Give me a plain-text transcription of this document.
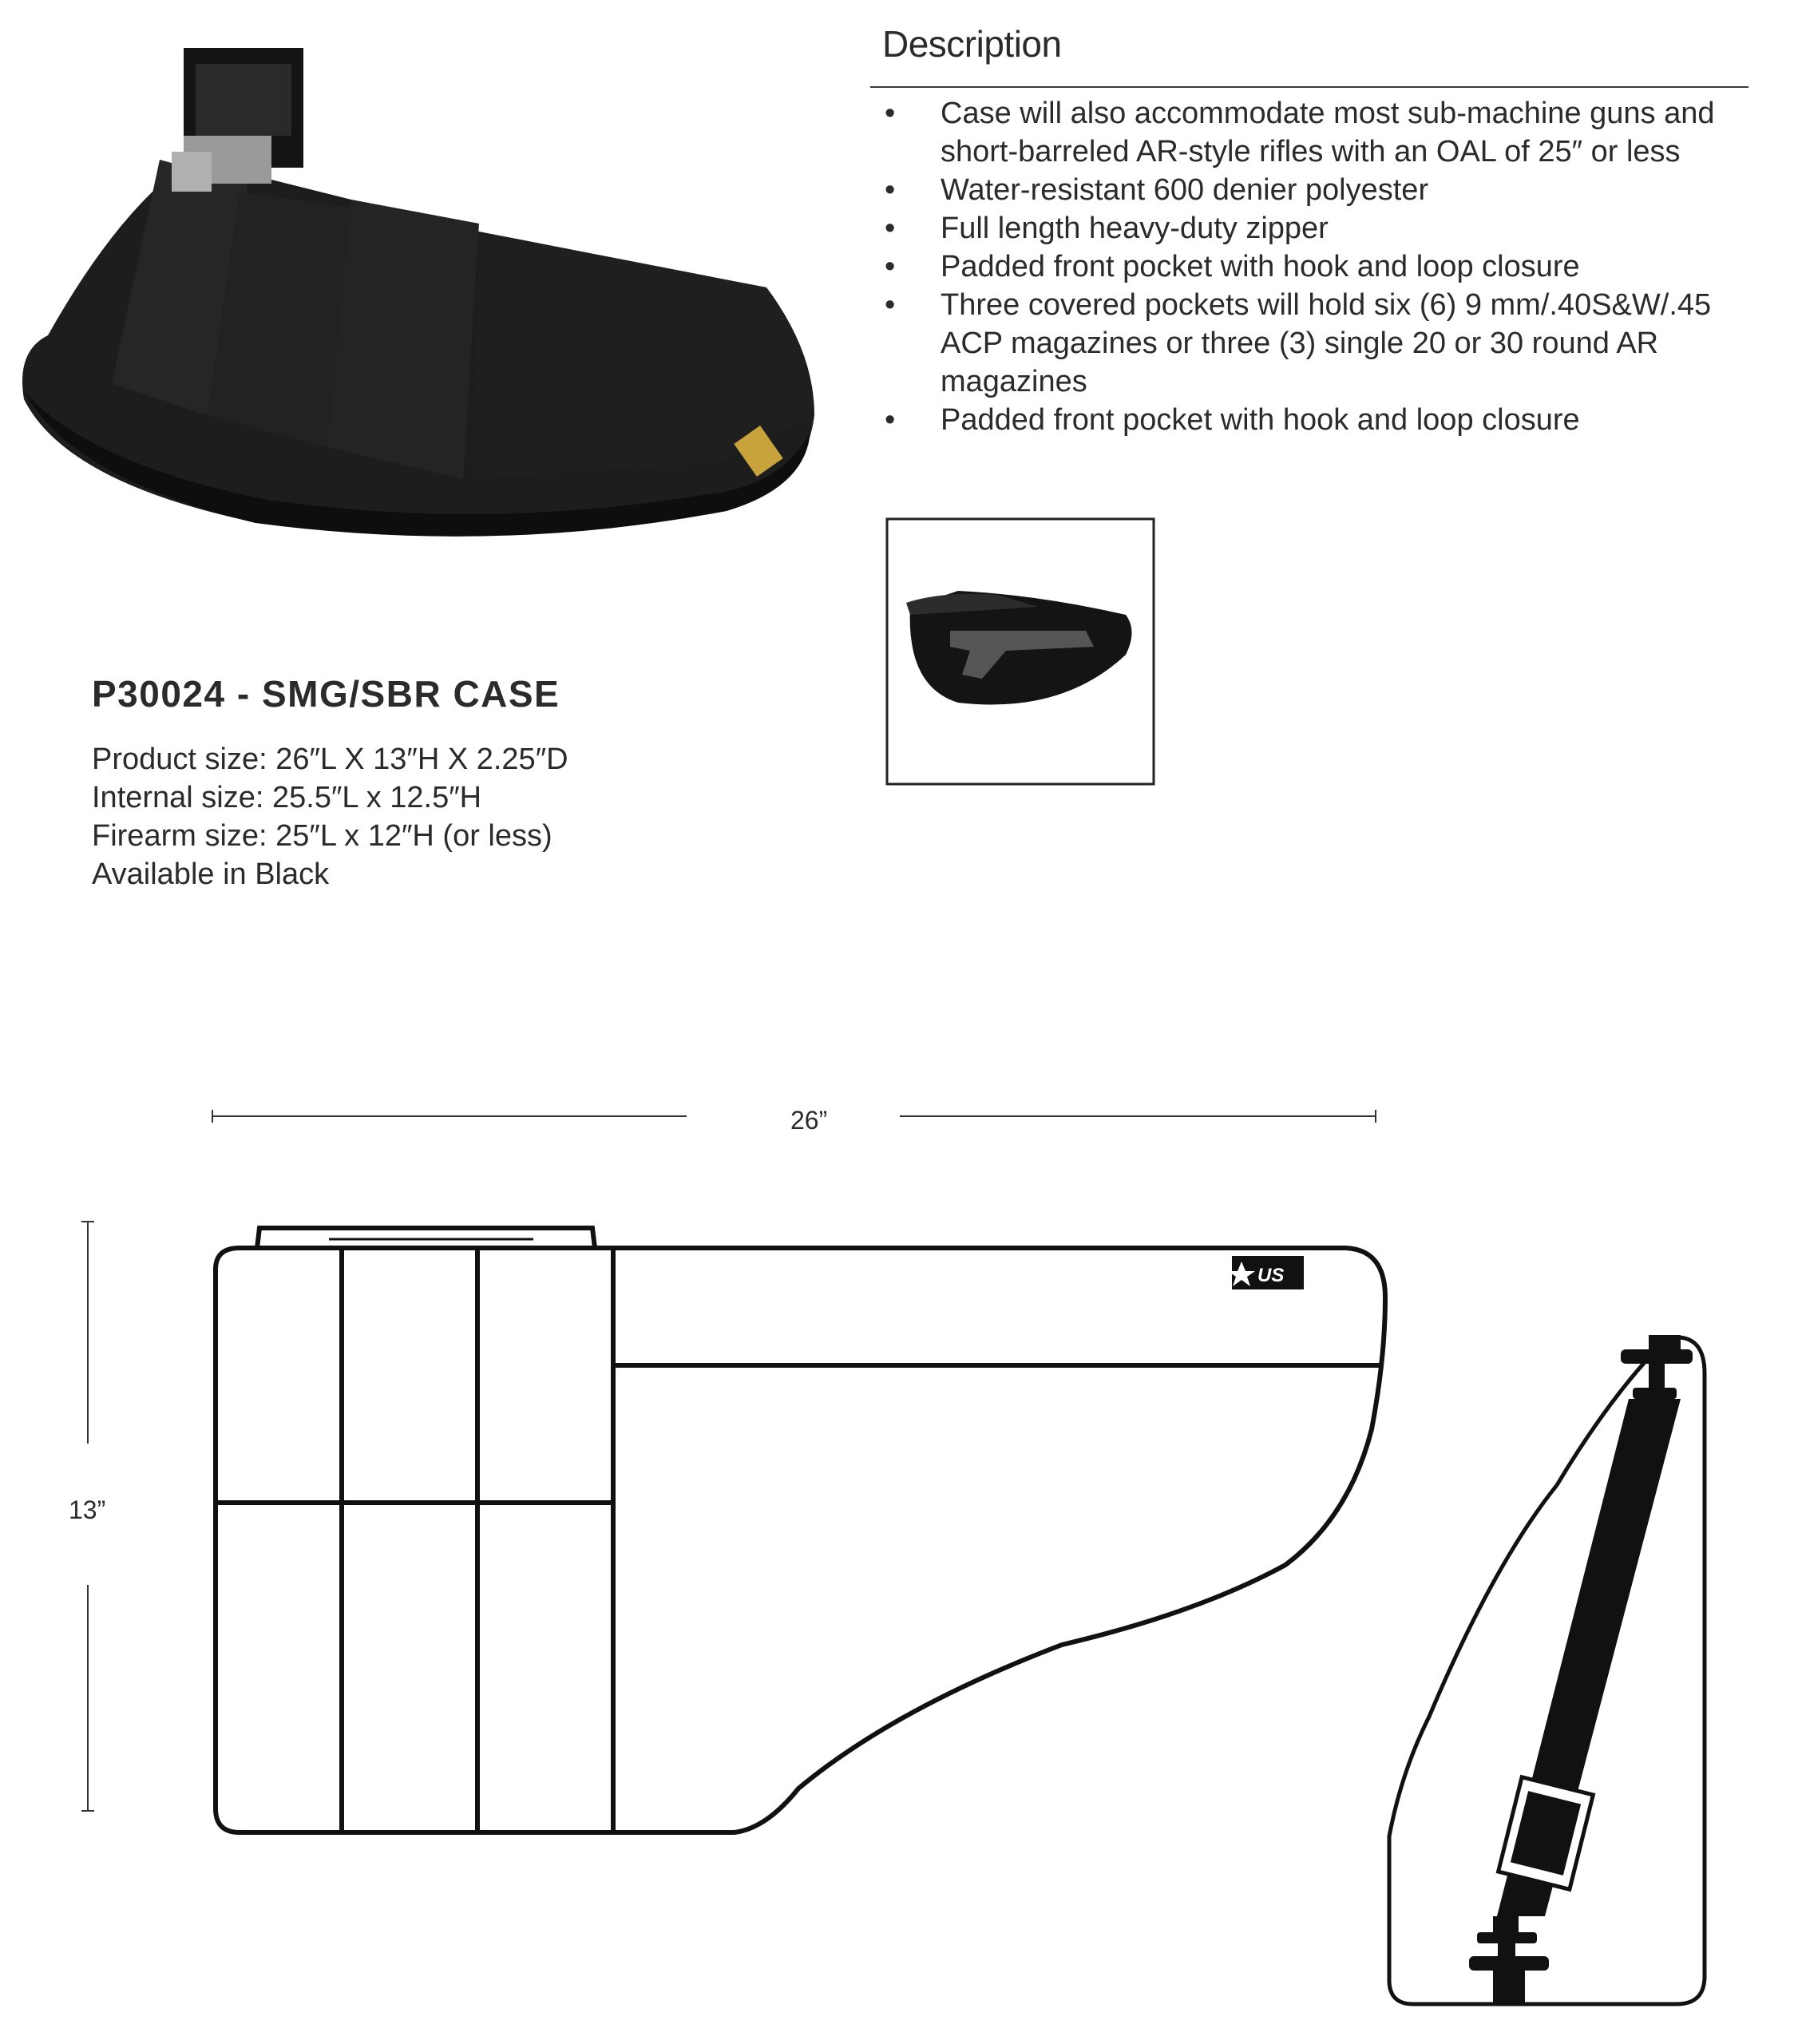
Description
• Case will also accommodate most sub-machine guns and short-barreled AR-style rifles with an OAL of 25″ or less
• Water-resistant 600 denier polyester
• Full length heavy-duty zipper
• Padded front pocket with hook and loop closure
• Three covered pockets will hold six (6) 9 mm/.40S&W/.45 ACP magazines or three (3) single 20 or 30 round AR magazines
• Padded front pocket with hook and loop closure
P30024 - SMG/SBR CASE
Product size: 26″L X 13″H X 2.25″D
Internal size: 25.5″L x 12.5″H
Firearm size: 25″L x 12″H (or less)
Available in Black
US
26”
13”
